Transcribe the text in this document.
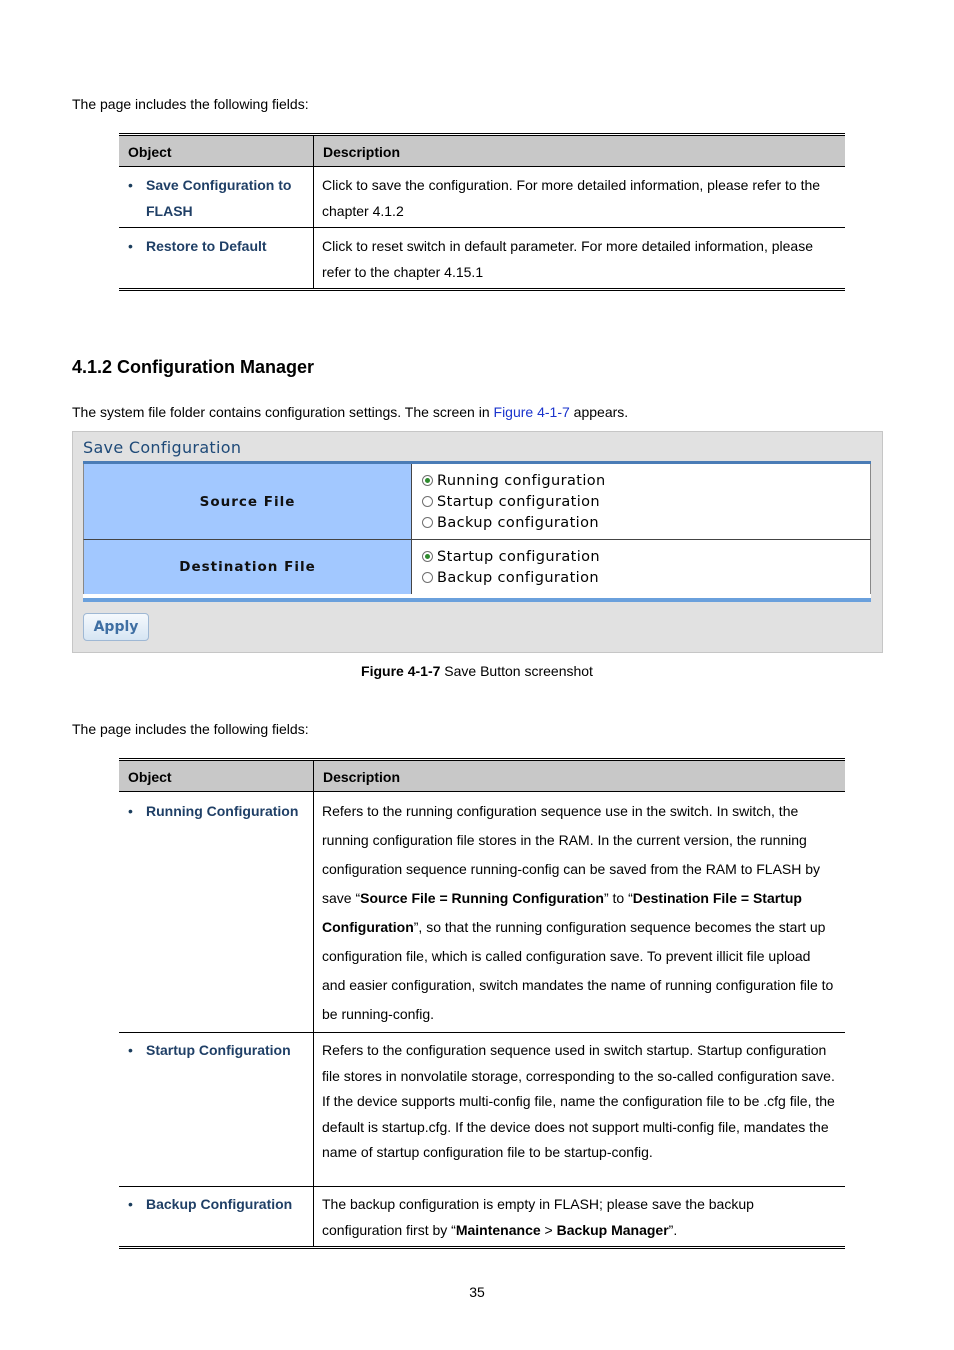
The page includes the following fields:
Object	Description

• Save Configuration to FLASH	Click to save the configuration. For more detailed information, please refer to the chapter 4.1.2

• Restore to Default	Click to reset switch in default parameter. For more detailed information, please refer to the chapter 4.15.1
4.1.2 Configuration Manager
The system file folder contains configuration settings. The screen in Figure 4-1-7 appears.
Save Configuration
Source File
Running configuration
Startup configuration
Backup configuration
Destination File
Startup configuration
Backup configuration
Apply
Figure 4-1-7 Save Button screenshot
The page includes the following fields:
Object	Description

• Running Configuration	Refers to the running configuration sequence use in the switch. In switch, the running configuration file stores in the RAM. In the current version, the running configuration sequence running-config can be saved from the RAM to FLASH by save “Source File = Running Configuration” to “Destination File = Startup Configuration”, so that the running configuration sequence becomes the start up configuration file, which is called configuration save. To prevent illicit file upload and easier configuration, switch mandates the name of running configuration file to be running-config.

• Startup Configuration	Refers to the configuration sequence used in switch startup. Startup configuration file stores in nonvolatile storage, corresponding to the so-called configuration save. If the device supports multi-config file, name the configuration file to be .cfg file, the default is startup.cfg. If the device does not support multi-config file, mandates the name of startup configuration file to be startup-config.

• Backup Configuration	The backup configuration is empty in FLASH; please save the backup configuration first by “Maintenance > Backup Manager”.
35
